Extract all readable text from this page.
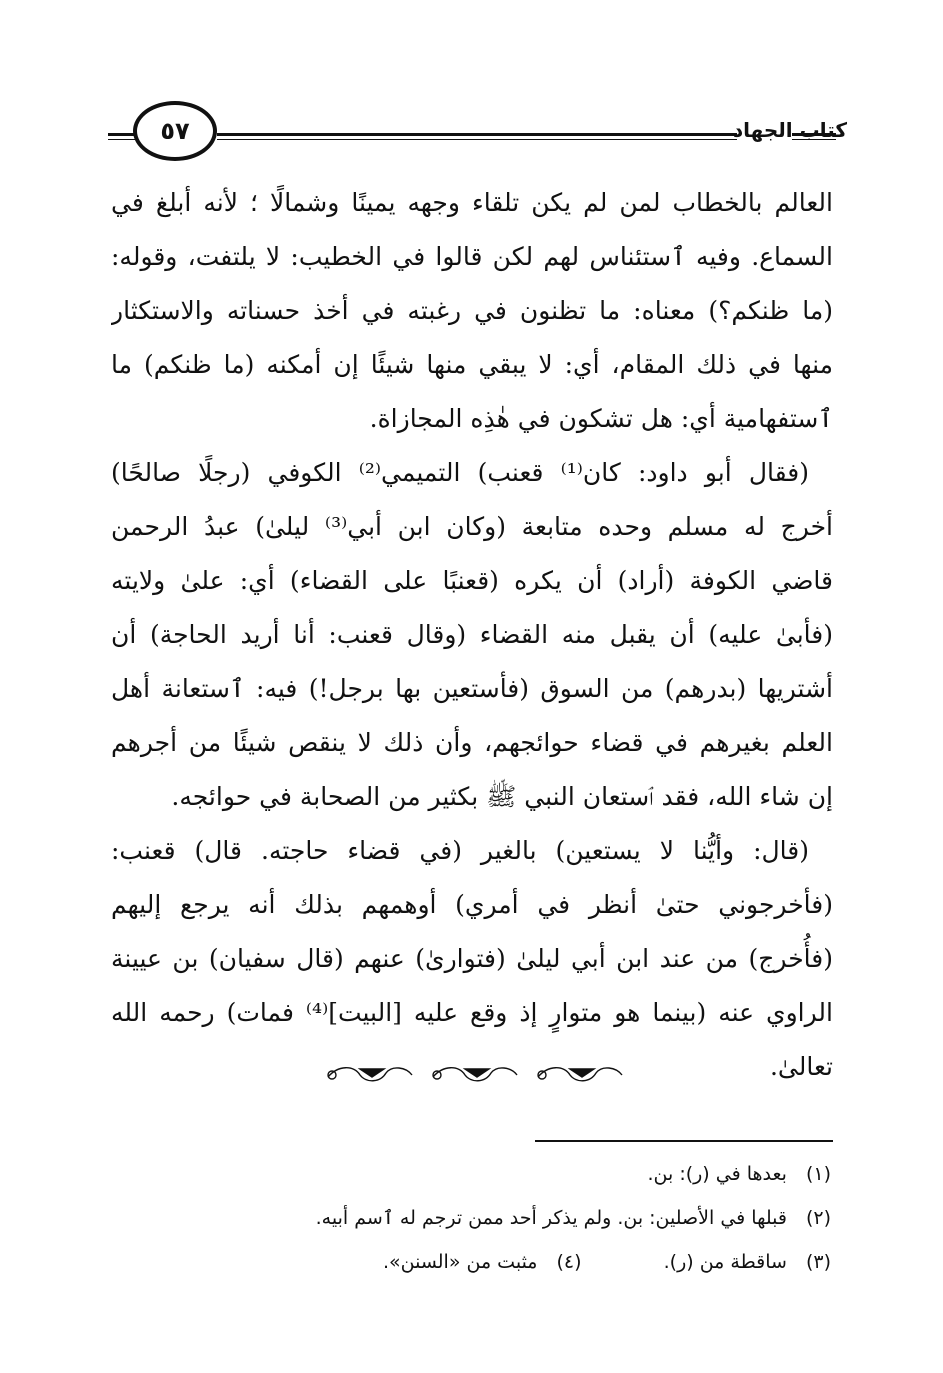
كتاب الجهاد
٥٧
العالم بالخطاب لمن لم يكن تلقاء وجهه يمينًا وشمالًا ؛ لأنه أبلغ في
السماع. وفيه ٱستئناس لهم لكن قالوا في الخطيب: لا يلتفت، وقوله:
(ما ظنكم؟) معناه: ما تظنون في رغبته في أخذ حسناته والاستكثار
منها في ذلك المقام، أي: لا يبقي منها شيئًا إن أمكنه (ما ظنكم) ما
ٱستفهامية أي: هل تشكون في هٰذِه المجازاة.
(فقال أبو داود: كان⁽¹⁾ قعنب) التميمي⁽²⁾ الكوفي (رجلًا صالحًا)
أخرج له مسلم وحده متابعة (وكان ابن أبي⁽³⁾ ليلىٰ) عبدُ الرحمن
قاضي الكوفة (أراد) أن يكره (قعنبًا على القضاء) أي: علىٰ ولايته
(فأبىٰ عليه) أن يقبل منه القضاء (وقال قعنب: أنا أريد الحاجة) أن
أشتريها (بدرهم) من السوق (فأستعين بها برجل!) فيه: ٱستعانة أهل
العلم بغيرهم في قضاء حوائجهم، وأن ذلك لا ينقص شيئًا من أجرهم
إن شاء الله، فقد ٱستعان النبي ﷺ بكثير من الصحابة في حوائجه.
(قال: وأيُّنا لا يستعين) بالغير (في قضاء حاجته. قال) قعنب:
(فأخرجوني حتىٰ أنظر في أمري) أوهمهم بذلك أنه يرجع إليهم
(فأُخرج) من عند ابن أبي ليلىٰ (فتوارىٰ) عنهم (قال سفيان) بن عيينة
الراوي عنه (بينما هو متوارٍ إذ وقع عليه [البيت]⁽⁴⁾ فمات) رحمه الله
تعالىٰ.
(١) بعدها في (ر): بن.
(٢) قبلها في الأصلين: بن. ولم يذكر أحد ممن ترجم له ٱسم أبيه.
(٣) ساقطة من (ر).  (٤) مثبت من «السنن».
